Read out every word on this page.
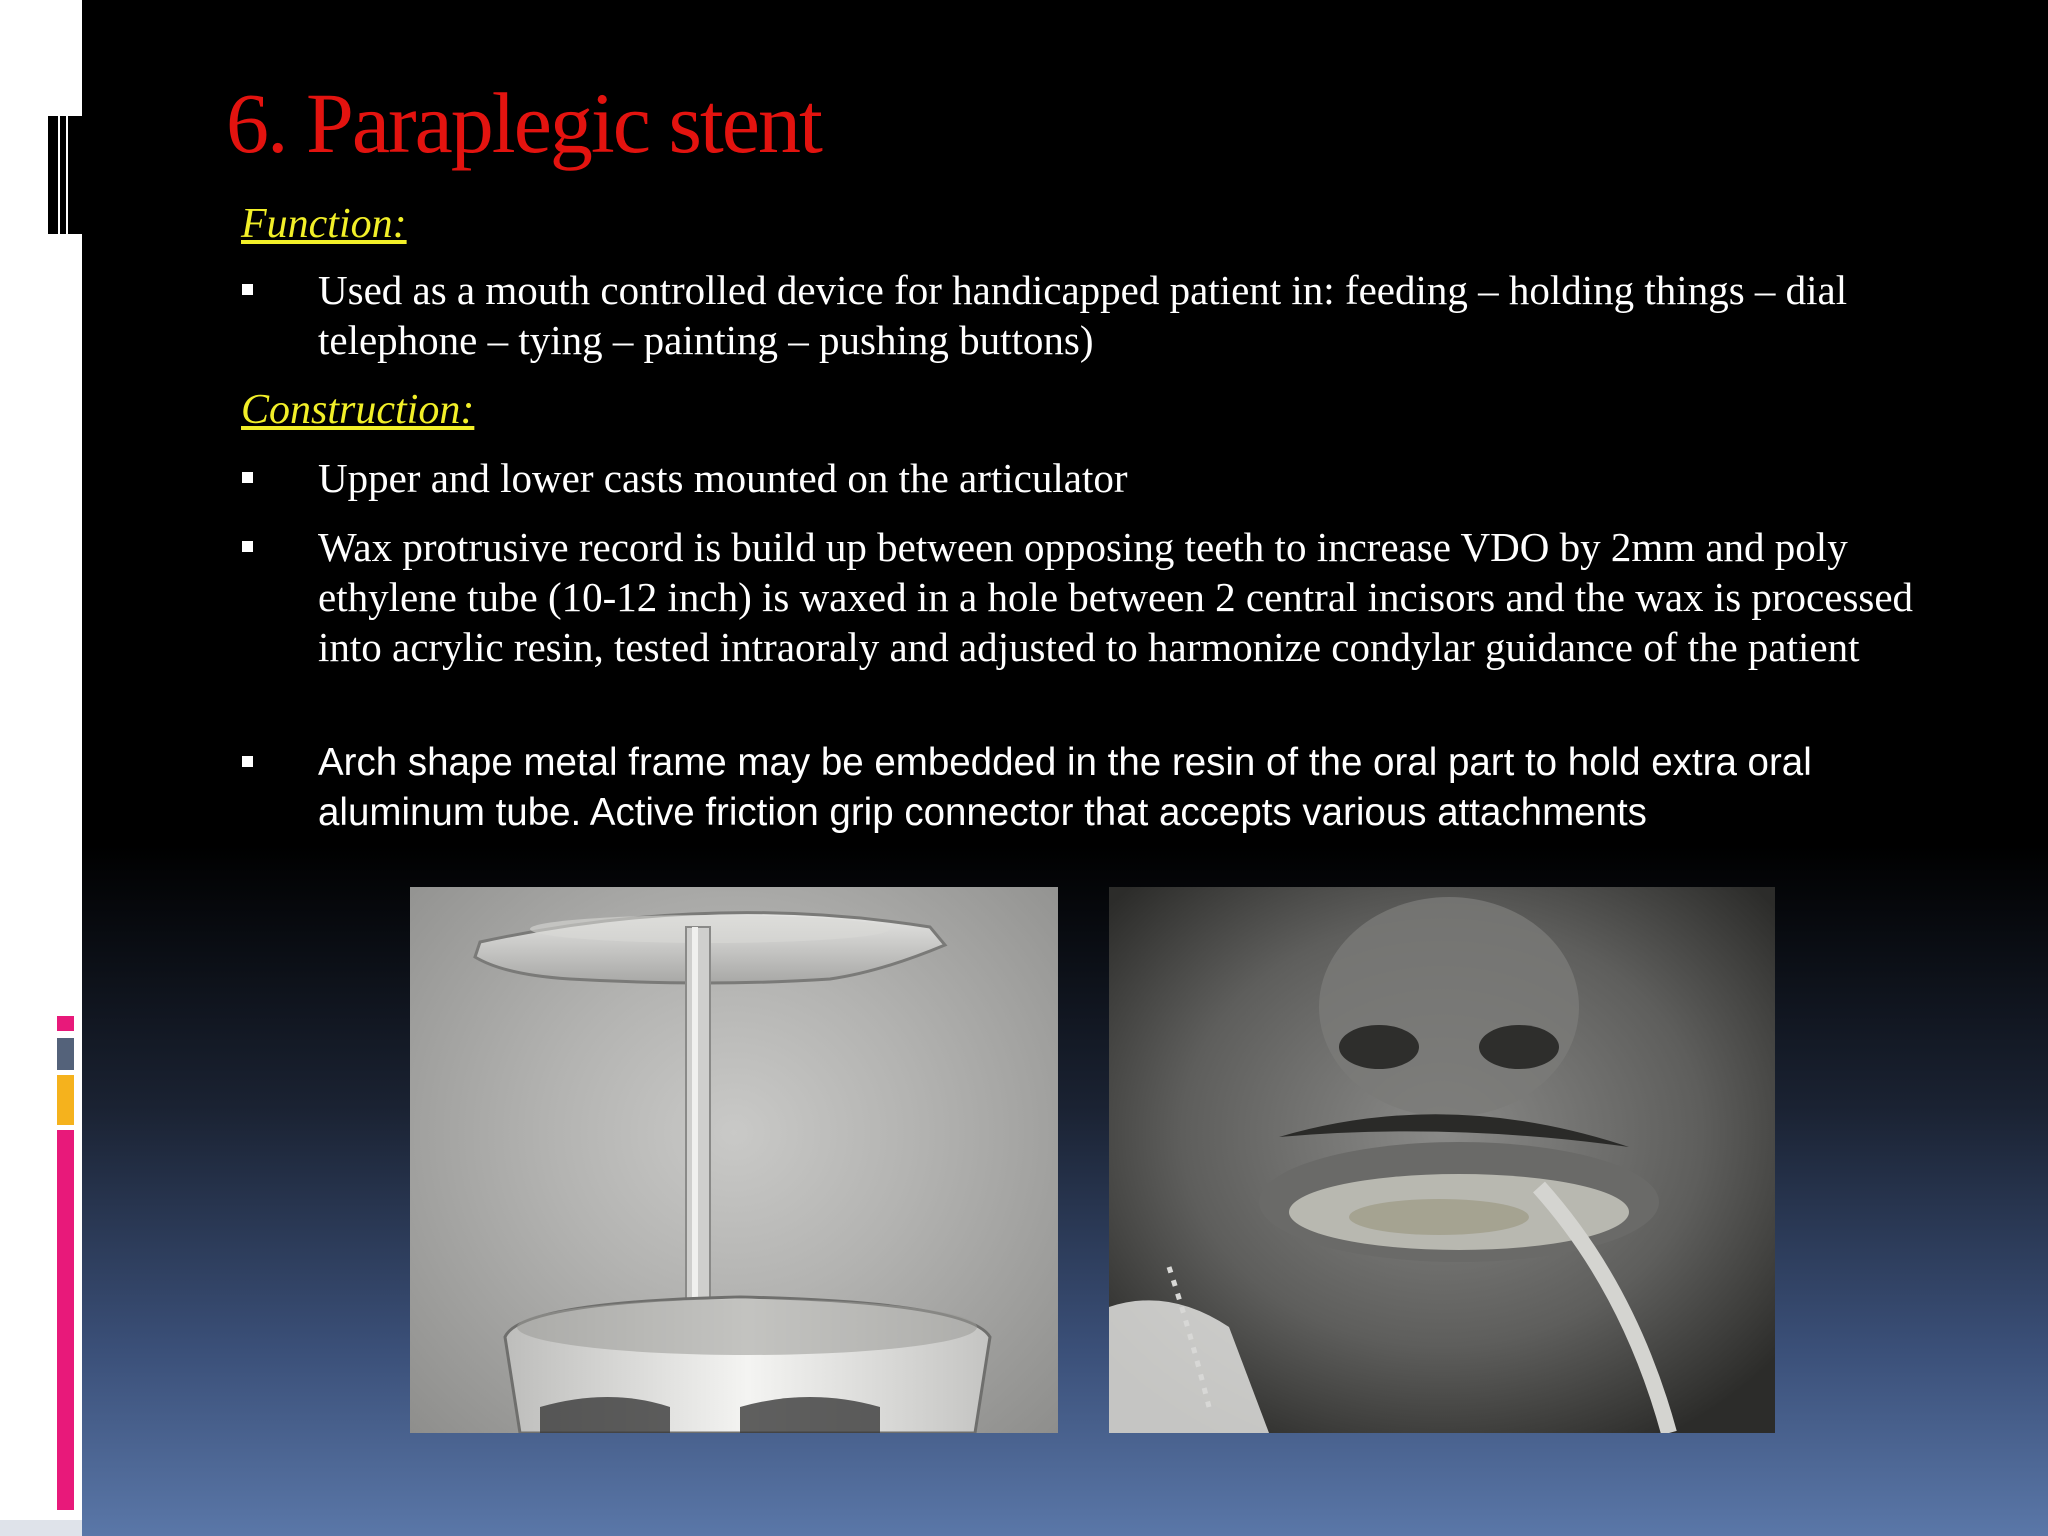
6. Paraplegic stent
Function:
Used as a mouth controlled device for handicapped patient in: feeding – holding things – dial telephone – tying – painting – pushing buttons)
Construction:
Upper and lower casts mounted on the articulator
Wax protrusive record is build up between opposing teeth to increase VDO by 2mm and poly ethylene tube (10-12 inch) is waxed in a hole between 2 central incisors and the wax is processed into acrylic resin, tested intraoraly and adjusted to harmonize condylar guidance of the patient
Arch shape metal frame may be embedded in the resin of the oral part to hold extra oral aluminum tube. Active friction grip connector that accepts various attachments
